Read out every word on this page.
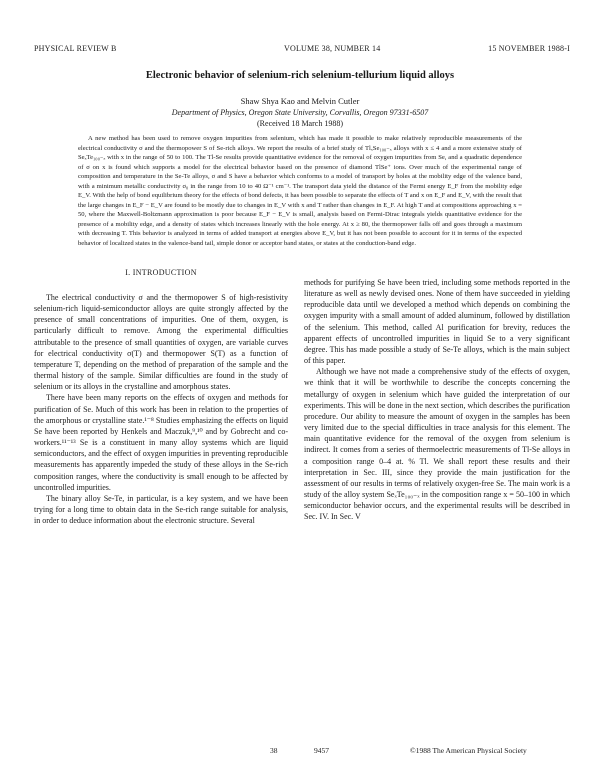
PHYSICAL REVIEW B	VOLUME 38, NUMBER 14	15 NOVEMBER 1988-I
Electronic behavior of selenium-rich selenium-tellurium liquid alloys
Shaw Shya Kao and Melvin Cutler
Department of Physics, Oregon State University, Corvallis, Oregon 97331-6507
(Received 18 March 1988)
A new method has been used to remove oxygen impurities from selenium, which has made it possible to make relatively reproducible measurements of the electrical conductivity σ and the thermopower S of Se-rich alloys. We report the results of a brief study of TlₓSe₁₀₀₋ₓ alloys with x ≤ 4 and a more extensive study of SeₓTe₁₀₀₋ₓ with x in the range of 50 to 100. The Tl-Se results provide quantitative evidence for the removal of oxygen impurities from Se, and a quadratic dependence of σ on x is found which supports a model for the electrical behavior based on the presence of diamond TlSe⁺ ions. Over much of the experimental range of composition and temperature in the Se-Te alloys, σ and S have a behavior which conforms to a model of transport by holes at the mobility edge of the valence band, with a minimum metallic conductivity σ₀ in the range from 10 to 40 Ω⁻¹ cm⁻¹. The transport data yield the distance of the Fermi energy E_F from the mobility edge E_V. With the help of bond equilibrium theory for the effects of bond defects, it has been possible to separate the effects of T and x on E_F and E_V, with the result that the large changes in E_F − E_V are found to be mostly due to changes in E_V with x and T rather than changes in E_F. At high T and at compositions approaching x = 50, where the Maxwell-Boltzmann approximation is poor because E_F − E_V is small, analysis based on Fermi-Dirac integrals yields quantitative evidence for the presence of a mobility edge, and a density of states which increases linearly with the hole energy. At x ≥ 80, the thermopower falls off and goes through a maximum with decreasing T. This behavior is analyzed in terms of added transport at energies above E_V, but it has not been possible to account for it in terms of the expected behavior of localized states in the valence-band tail, simple donor or acceptor band states, or states at the conduction-band edge.
I. INTRODUCTION

The electrical conductivity σ and the thermopower S of high-resistivity selenium-rich liquid-semiconductor alloys are quite strongly affected by the presence of small concentrations of impurities. One of them, oxygen, is particularly difficult to remove. Among the experimental difficulties attributable to the presence of small quantities of oxygen, are variable curves for electrical conductivity σ(T) and thermopower S(T) as a function of temperature T, depending on the method of preparation of the sample and the thermal history of the sample. Similar difficulties are found in the study of selenium or its alloys in the crystalline and amorphous states.

There have been many reports on the effects of oxygen and methods for purification of Se. Much of this work has been in relation to the properties of the amorphous or crystalline state.¹⁻⁸ Studies emphasizing the effects on liquid Se have been reported by Henkels and Maczuk,⁹,¹⁰ and by Gobrecht and co-workers.¹¹⁻¹³ Se is a constituent in many alloy systems which are liquid semiconductors, and the effect of oxygen impurities in preventing reproducible measurements has apparently impeded the study of these alloys in the Se-rich composition ranges, where the conductivity is small enough to be affected by uncontrolled impurities.

The binary alloy Se-Te, in particular, is a key system, and we have been trying for a long time to obtain data in the Se-rich range suitable for analysis, in order to deduce information about the electronic structure. Several

methods for purifying Se have been tried, including some methods reported in the literature as well as newly devised ones. None of them have succeeded in yielding reproducible data until we developed a method which depends on combining the oxygen impurity with a small amount of added aluminum, followed by distillation of the selenium. This method, called Al purification for brevity, reduces the apparent effects of uncontrolled impurities in liquid Se to a very significant degree. This has made possible a study of Se-Te alloys, which is the main subject of this paper.

Although we have not made a comprehensive study of the effects of oxygen, we think that it will be worthwhile to describe the concepts concerning the metallurgy of oxygen in selenium which have guided the interpretation of our experiments. This will be done in the next section, which describes the purification procedure. Our ability to measure the amount of oxygen in the samples has been very limited due to the special difficulties in trace analysis for this element. The main quantitative evidence for the removal of the oxygen from selenium is indirect. It comes from a series of thermoelectric measurements of Tl-Se alloys in a composition range 0–4 at. % Tl. We shall report these results and their interpretation in Sec. III, since they provide the main justification for the assessment of our results in terms of relatively oxygen-free Se. The main work is a study of the alloy system SeₓTe₁₀₀₋ₓ in the composition range x = 50–100 in which semiconductor behavior occurs, and the experimental results will be described in Sec. IV. In Sec. V

38	9457	©1988 The American Physical Society
